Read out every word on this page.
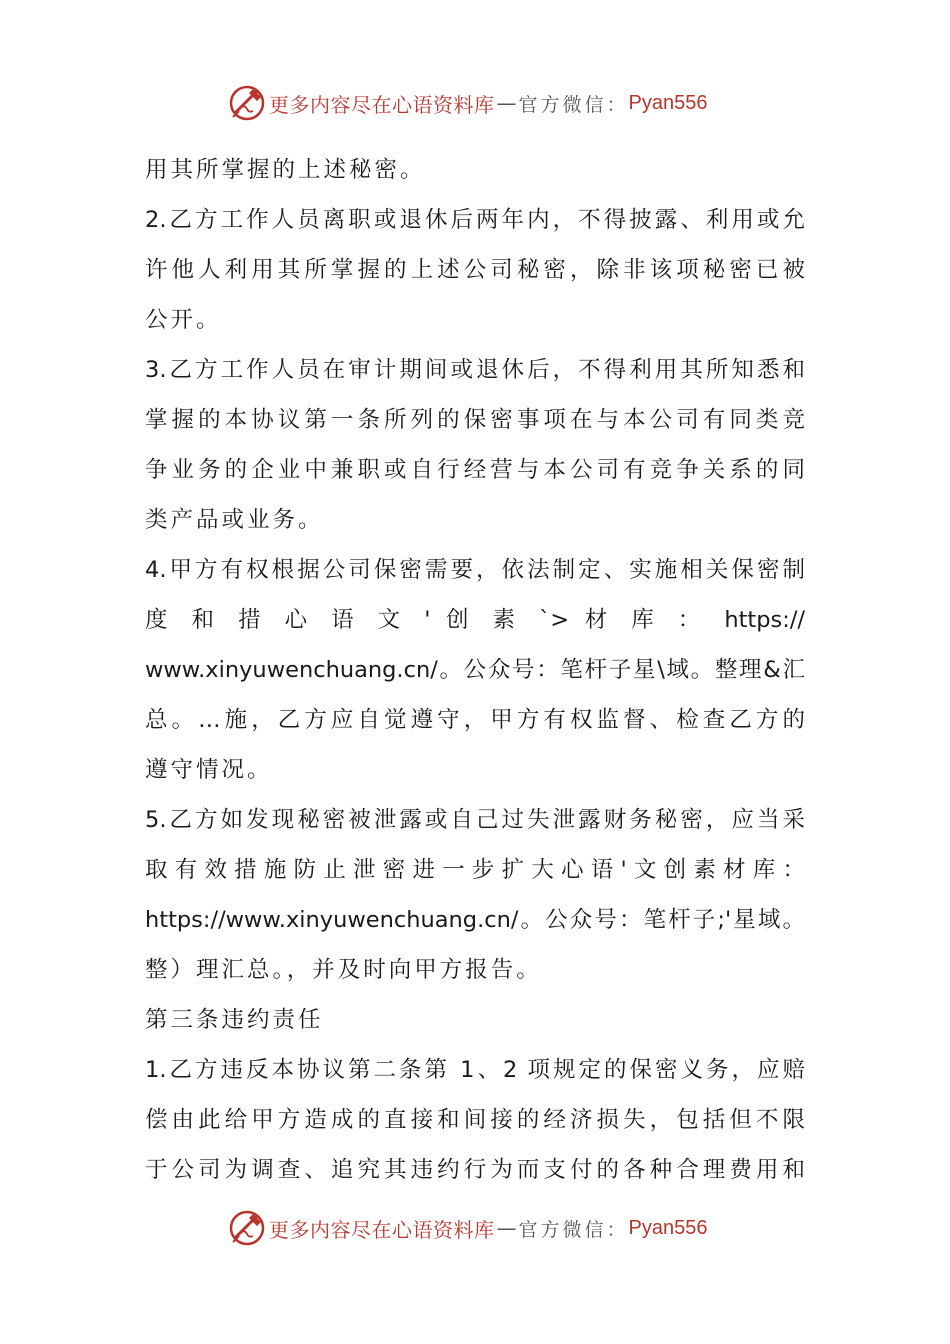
更多内容尽在心语资料库 — 官方微信： Pyan556
用其所掌握的上述秘密。
2.乙方工作人员离职或退休后两年内，不得披露、利用或允
许他人利用其所掌握的上述公司秘密，除非该项秘密已被
公开。
3.乙方工作人员在审计期间或退休后，不得利用其所知悉和
掌握的本协议第一条所列的保密事项在与本公司有同类竞
争业务的企业中兼职或自行经营与本公司有竞争关系的同
类产品或业务。
4.甲方有权根据公司保密需要，依法制定、实施相关保密制
度 和 措 心 语 文 ' 创 素 `> 材 库 ： https://
www.xinyuwenchuang.cn/。公众号：笔杆子星\域。整理&汇
总。…施，乙方应自觉遵守，甲方有权监督、检查乙方的
遵守情况。
5.乙方如发现秘密被泄露或自己过失泄露财务秘密，应当采
取有效措施防止泄密进一步扩大心语'文创素材库：
https://www.xinyuwenchuang.cn/。公众号：笔杆子;'星域。
整）理汇总。，并及时向甲方报告。
第三条违约责任
1.乙方违反本协议第二条第 1、2 项规定的保密义务，应赔
偿由此给甲方造成的直接和间接的经济损失，包括但不限
于公司为调查、追究其违约行为而支付的各种合理费用和
更多内容尽在心语资料库 — 官方微信： Pyan556
